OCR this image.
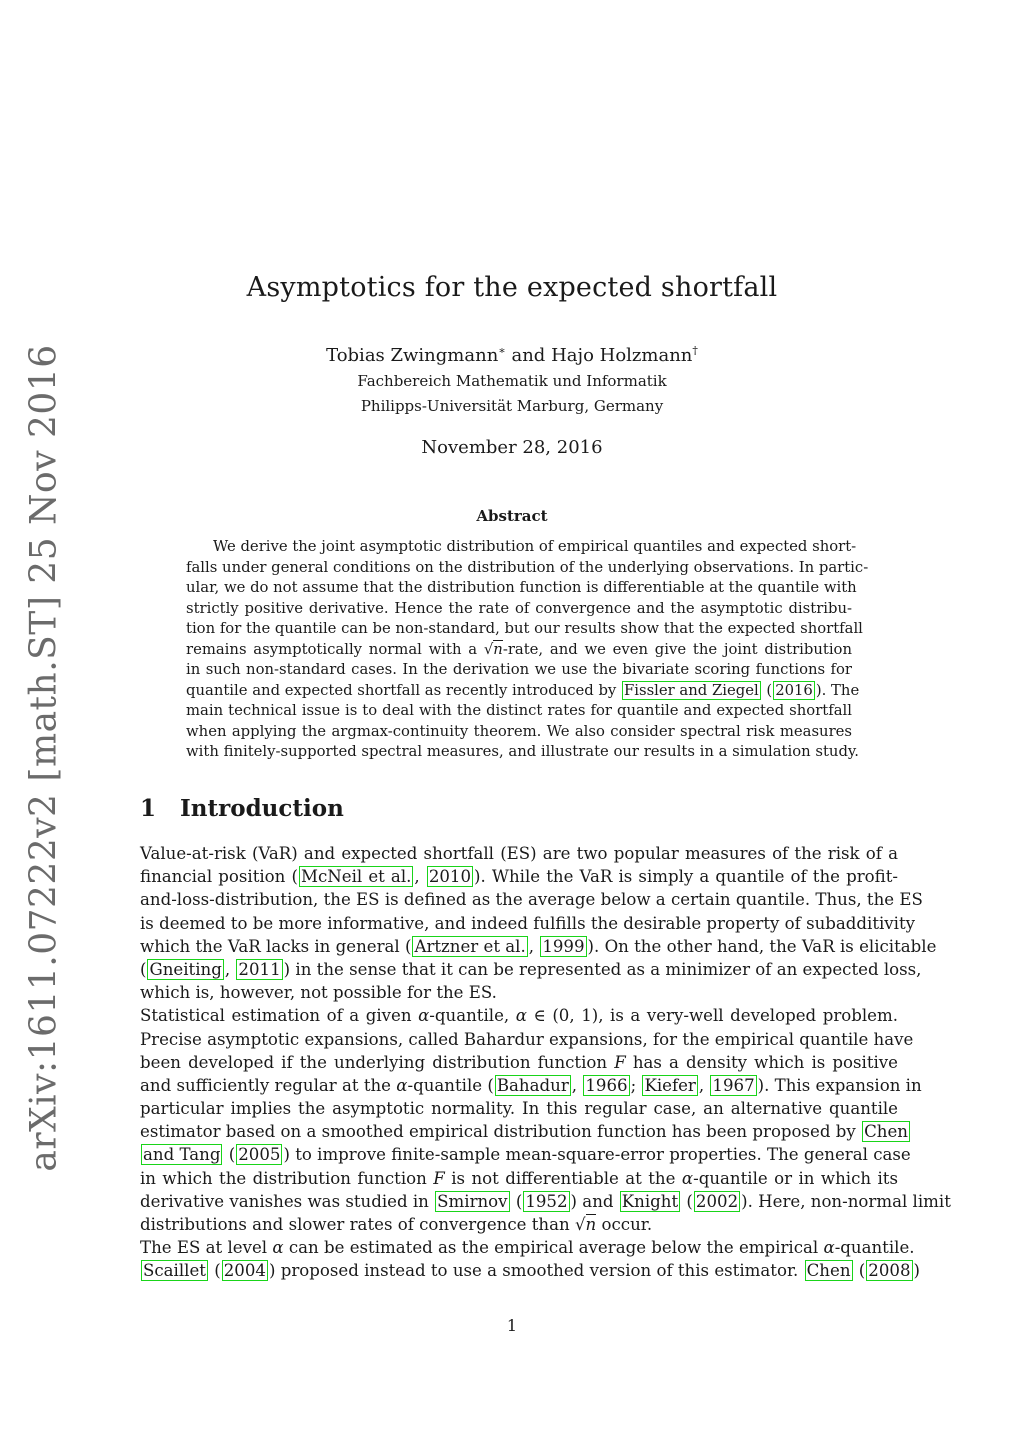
arXiv:1611.07222v2 [math.ST] 25 Nov 2016
Asymptotics for the expected shortfall
Tobias Zwingmann∗ and Hajo Holzmann†
Fachbereich Mathematik und Informatik
Philipps-Universität Marburg, Germany
November 28, 2016
Abstract
We derive the joint asymptotic distribution of empirical quantiles and expected short-
falls under general conditions on the distribution of the underlying observations. In partic-
ular, we do not assume that the distribution function is differentiable at the quantile with
strictly positive derivative. Hence the rate of convergence and the asymptotic distribu-
tion for the quantile can be non-standard, but our results show that the expected shortfall
remains asymptotically normal with a √n-rate, and we even give the joint distribution
in such non-standard cases. In the derivation we use the bivariate scoring functions for
quantile and expected shortfall as recently introduced by Fissler and Ziegel ( 2016 ). The
main technical issue is to deal with the distinct rates for quantile and expected shortfall
when applying the argmax-continuity theorem. We also consider spectral risk measures
with finitely-supported spectral measures, and illustrate our results in a simulation study.
1 Introduction
Value-at-risk (VaR) and expected shortfall (ES) are two popular measures of the risk of a
financial position ( McNeil et al. , 2010 ). While the VaR is simply a quantile of the profit-
and-loss-distribution, the ES is defined as the average below a certain quantile. Thus, the ES
is deemed to be more informative, and indeed fulfills the desirable property of subadditivity
which the VaR lacks in general ( Artzner et al. , 1999 ). On the other hand, the VaR is elicitable
( Gneiting , 2011 ) in the sense that it can be represented as a minimizer of an expected loss,
which is, however, not possible for the ES.
Statistical estimation of a given α-quantile, α ∈ (0, 1), is a very-well developed problem.
Precise asymptotic expansions, called Bahardur expansions, for the empirical quantile have
been developed if the underlying distribution function F has a density which is positive
and sufficiently regular at the α-quantile ( Bahadur , 1966 ; Kiefer , 1967 ). This expansion in
particular implies the asymptotic normality. In this regular case, an alternative quantile
estimator based on a smoothed empirical distribution function has been proposed by Chen
and Tang ( 2005 ) to improve finite-sample mean-square-error properties. The general case
in which the distribution function F is not differentiable at the α-quantile or in which its
derivative vanishes was studied in Smirnov ( 1952 ) and Knight ( 2002 ). Here, non-normal limit
distributions and slower rates of convergence than √n occur.
The ES at level α can be estimated as the empirical average below the empirical α-quantile.
Scaillet ( 2004 ) proposed instead to use a smoothed version of this estimator. Chen ( 2008 )
1
